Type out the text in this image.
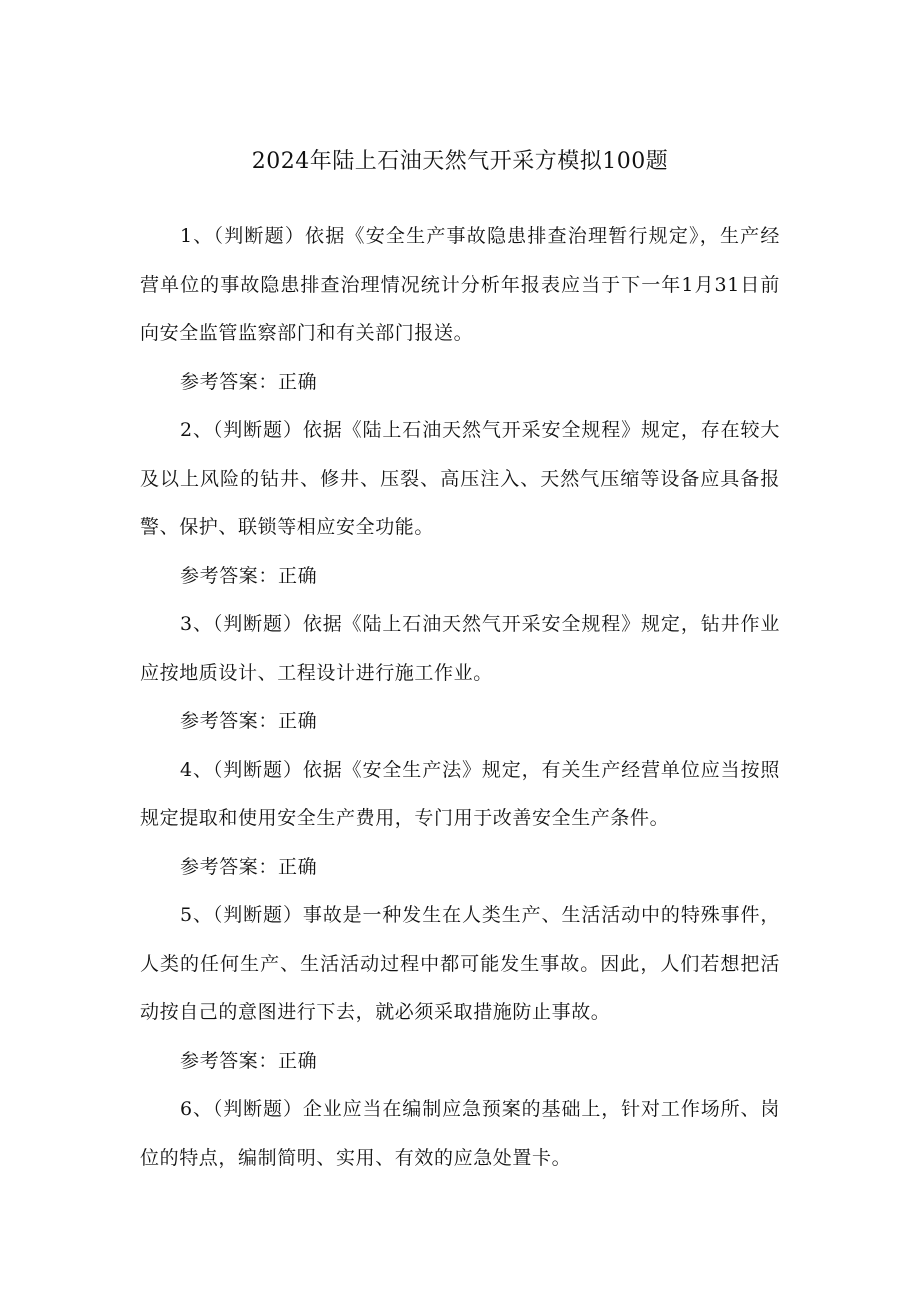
2024年陆上石油天然气开采方模拟100题

1、（判断题）依据《安全生产事故隐患排查治理暂行规定》，生产经营单位的事故隐患排查治理情况统计分析年报表应当于下一年1月31日前向安全监管监察部门和有关部门报送。

参考答案：正确

2、（判断题）依据《陆上石油天然气开采安全规程》规定，存在较大及以上风险的钻井、修井、压裂、高压注入、天然气压缩等设备应具备报警、保护、联锁等相应安全功能。

参考答案：正确

3、（判断题）依据《陆上石油天然气开采安全规程》规定，钻井作业应按地质设计、工程设计进行施工作业。

参考答案：正确

4、（判断题）依据《安全生产法》规定，有关生产经营单位应当按照规定提取和使用安全生产费用，专门用于改善安全生产条件。

参考答案：正确

5、（判断题）事故是一种发生在人类生产、生活活动中的特殊事件，人类的任何生产、生活活动过程中都可能发生事故。因此，人们若想把活动按自己的意图进行下去，就必须采取措施防止事故。

参考答案：正确

6、（判断题）企业应当在编制应急预案的基础上，针对工作场所、岗位的特点，编制简明、实用、有效的应急处置卡。
